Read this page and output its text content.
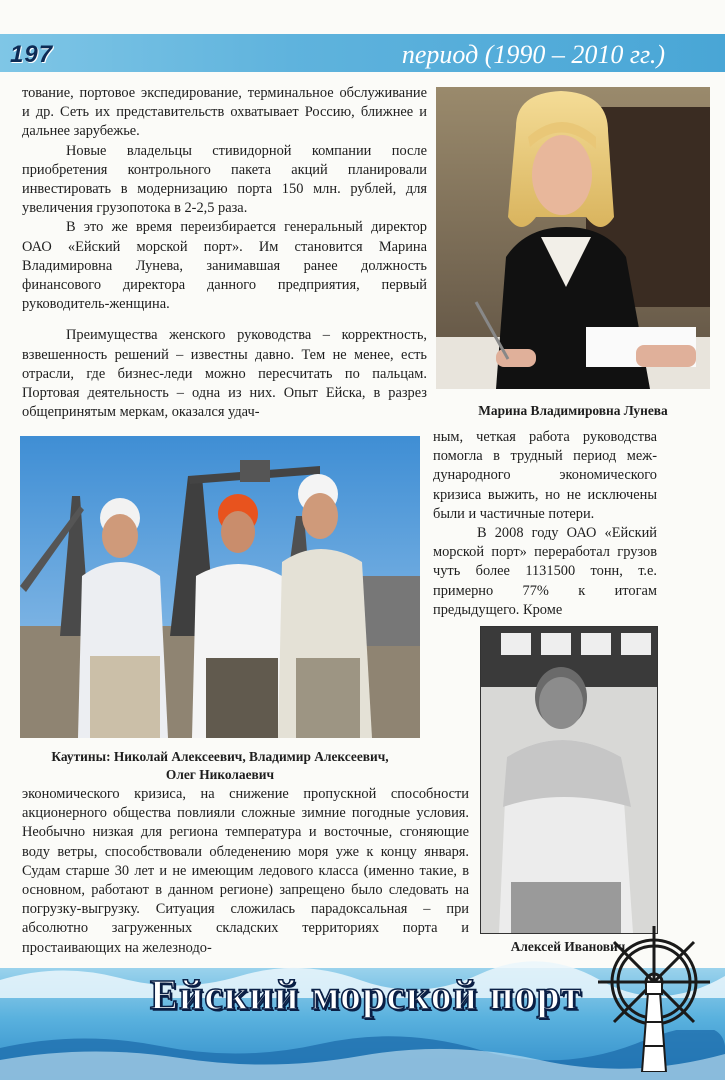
197	период (1990 – 2010 гг.)

тование, портовое экспедирование, терминальное обслуживание и др. Сеть их представительств охватывает Россию, ближнее и дальнее зарубежье.

Новые владельцы стивидорной компании после приобретения контрольного пакета акций планировали инвестировать в модернизацию порта 150 млн. рублей, для увеличения грузопотока в 2-2,5 раза.

В это же время переизбирается генеральный директор ОАО «Ейский морской порт». Им становится Марина Владимировна Лунева, занимавшая ранее должность финансового директора данного предприятия, первый руководитель-женщина.

Преимущества женского руководства – корректность, взвешенность решений – известны давно. Тем не менее, есть отрасли, где бизнес-леди можно пересчитать по пальцам. Портовая деятельность – одна из них. Опыт Ейска, в разрез общепринятым меркам, оказался удач-	Марина Владимировна Лунева
Каутины: Николай Алексеевич, Владимир Алексеевич,
Олег Николаевич

ным, четкая работа руководства помогла в трудный период международного экономического кризиса выжить, но не исключены были и частичные потери.

В 2008 году ОАО «Ейский морской порт» переработал грузов чуть более 1131500 тонн, т.е. примерно 77% к итогам предыдущего. Кроме

Алексей Иванович

экономического кризиса, на снижение пропускной способности акционерного общества повлияли сложные зимние погодные условия. Необычно низкая для региона температура и восточные, сгоняющие воду ветры, способствовали обледенению моря уже к концу января. Судам старше 30 лет и не имеющим ледового класса (именно такие, в основном, работают в данном регионе) запрещено было следовать на погрузку-выгрузку. Ситуация сложилась парадоксальная – при абсолютно загруженных складских территориях порта и простаивающих на железнодо-

Ейский морской порт
